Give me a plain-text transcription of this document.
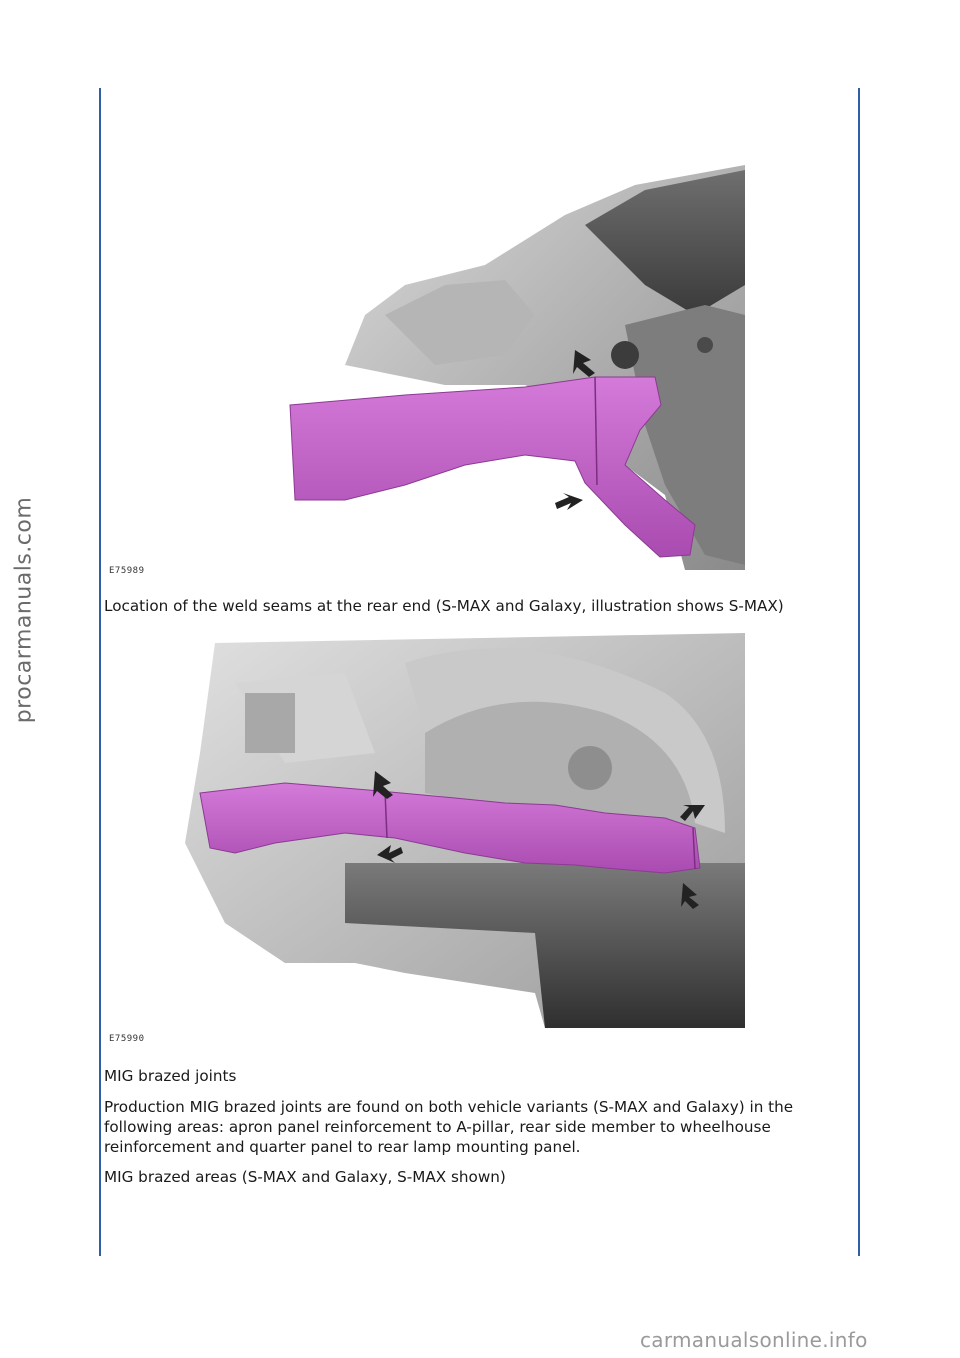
procarmanuals.com	E75989
Location of the weld seams at the rear end (S-MAX and Galaxy, illustration shows S-MAX)
E75990
MIG brazed joints
Production MIG brazed joints are found on both vehicle variants (S-MAX and Galaxy) in the following areas: apron panel reinforcement to A-pillar, rear side member to wheelhouse reinforcement and quarter panel to rear lamp mounting panel.
MIG brazed areas (S-MAX and Galaxy, S-MAX shown)
carmanualsonline.info
